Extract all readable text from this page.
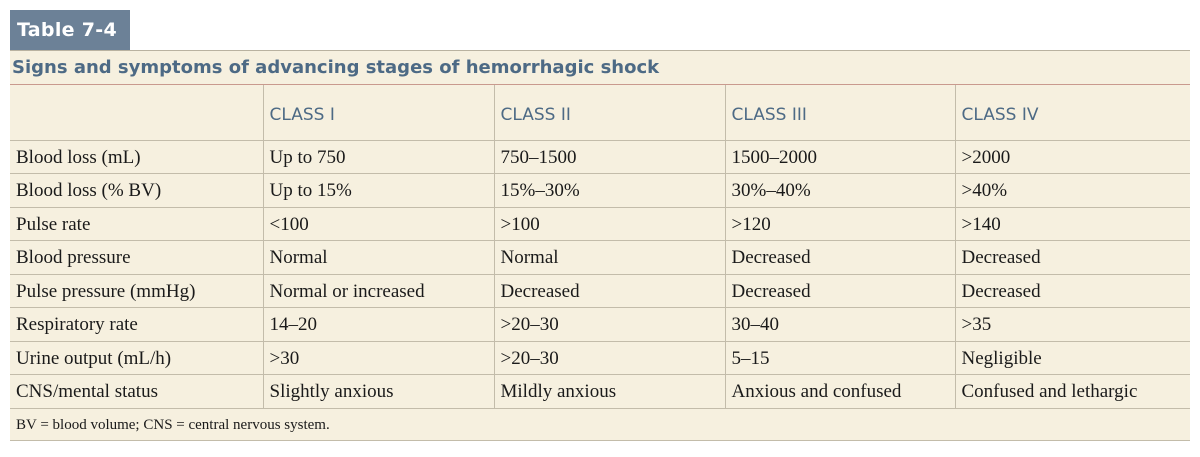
Table 7-4
Signs and symptoms of advancing stages of hemorrhagic shock
	CLASS I	CLASS II	CLASS III	CLASS IV
Blood loss (mL)	Up to 750	750–1500	1500–2000	>2000
Blood loss (% BV)	Up to 15%	15%–30%	30%–40%	>40%
Pulse rate	<100	>100	>120	>140
Blood pressure	Normal	Normal	Decreased	Decreased
Pulse pressure (mmHg)	Normal or increased	Decreased	Decreased	Decreased
Respiratory rate	14–20	>20–30	30–40	>35
Urine output (mL/h)	>30	>20–30	5–15	Negligible
CNS/mental status	Slightly anxious	Mildly anxious	Anxious and confused	Confused and lethargic
BV = blood volume; CNS = central nervous system.				
